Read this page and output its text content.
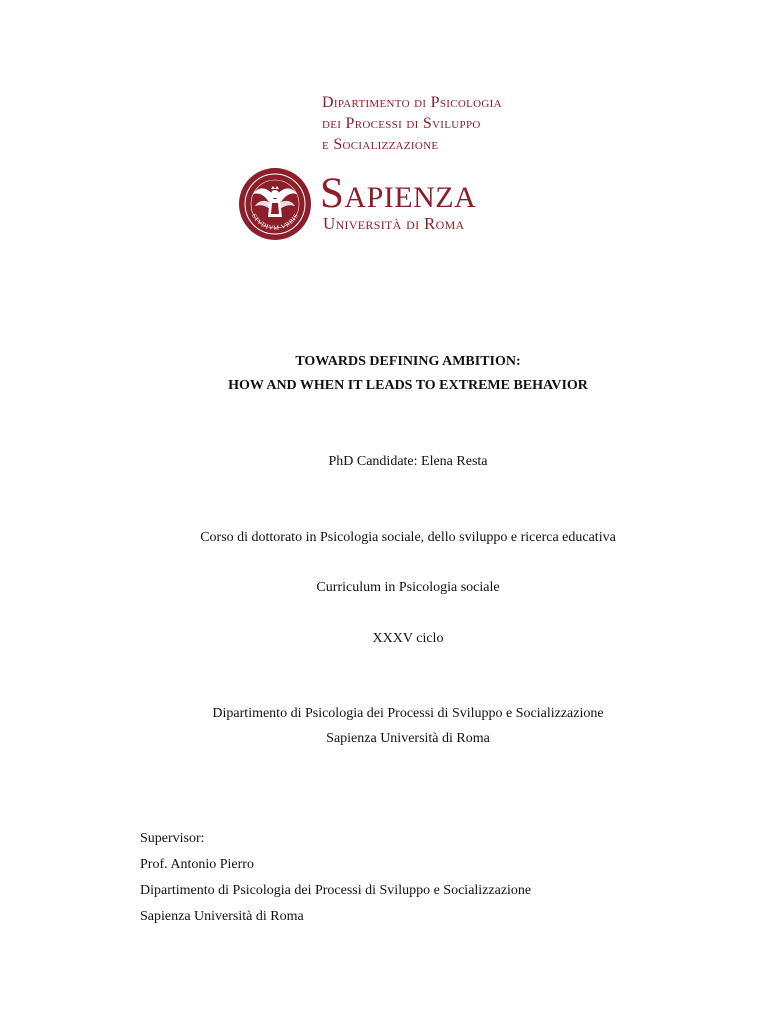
Dipartimento di Psicologia
dei Processi di Sviluppo
e Socializzazione
STVDIVM VRBIS Sapienza
Università di Roma
TOWARDS DEFINING AMBITION:
HOW AND WHEN IT LEADS TO EXTREME BEHAVIOR
PhD Candidate: Elena Resta
Corso di dottorato in Psicologia sociale, dello sviluppo e ricerca educativa
Curriculum in Psicologia sociale
XXXV ciclo
Dipartimento di Psicologia dei Processi di Sviluppo e Socializzazione
Sapienza Università di Roma
Supervisor:
Prof. Antonio Pierro
Dipartimento di Psicologia dei Processi di Sviluppo e Socializzazione
Sapienza Università di Roma
